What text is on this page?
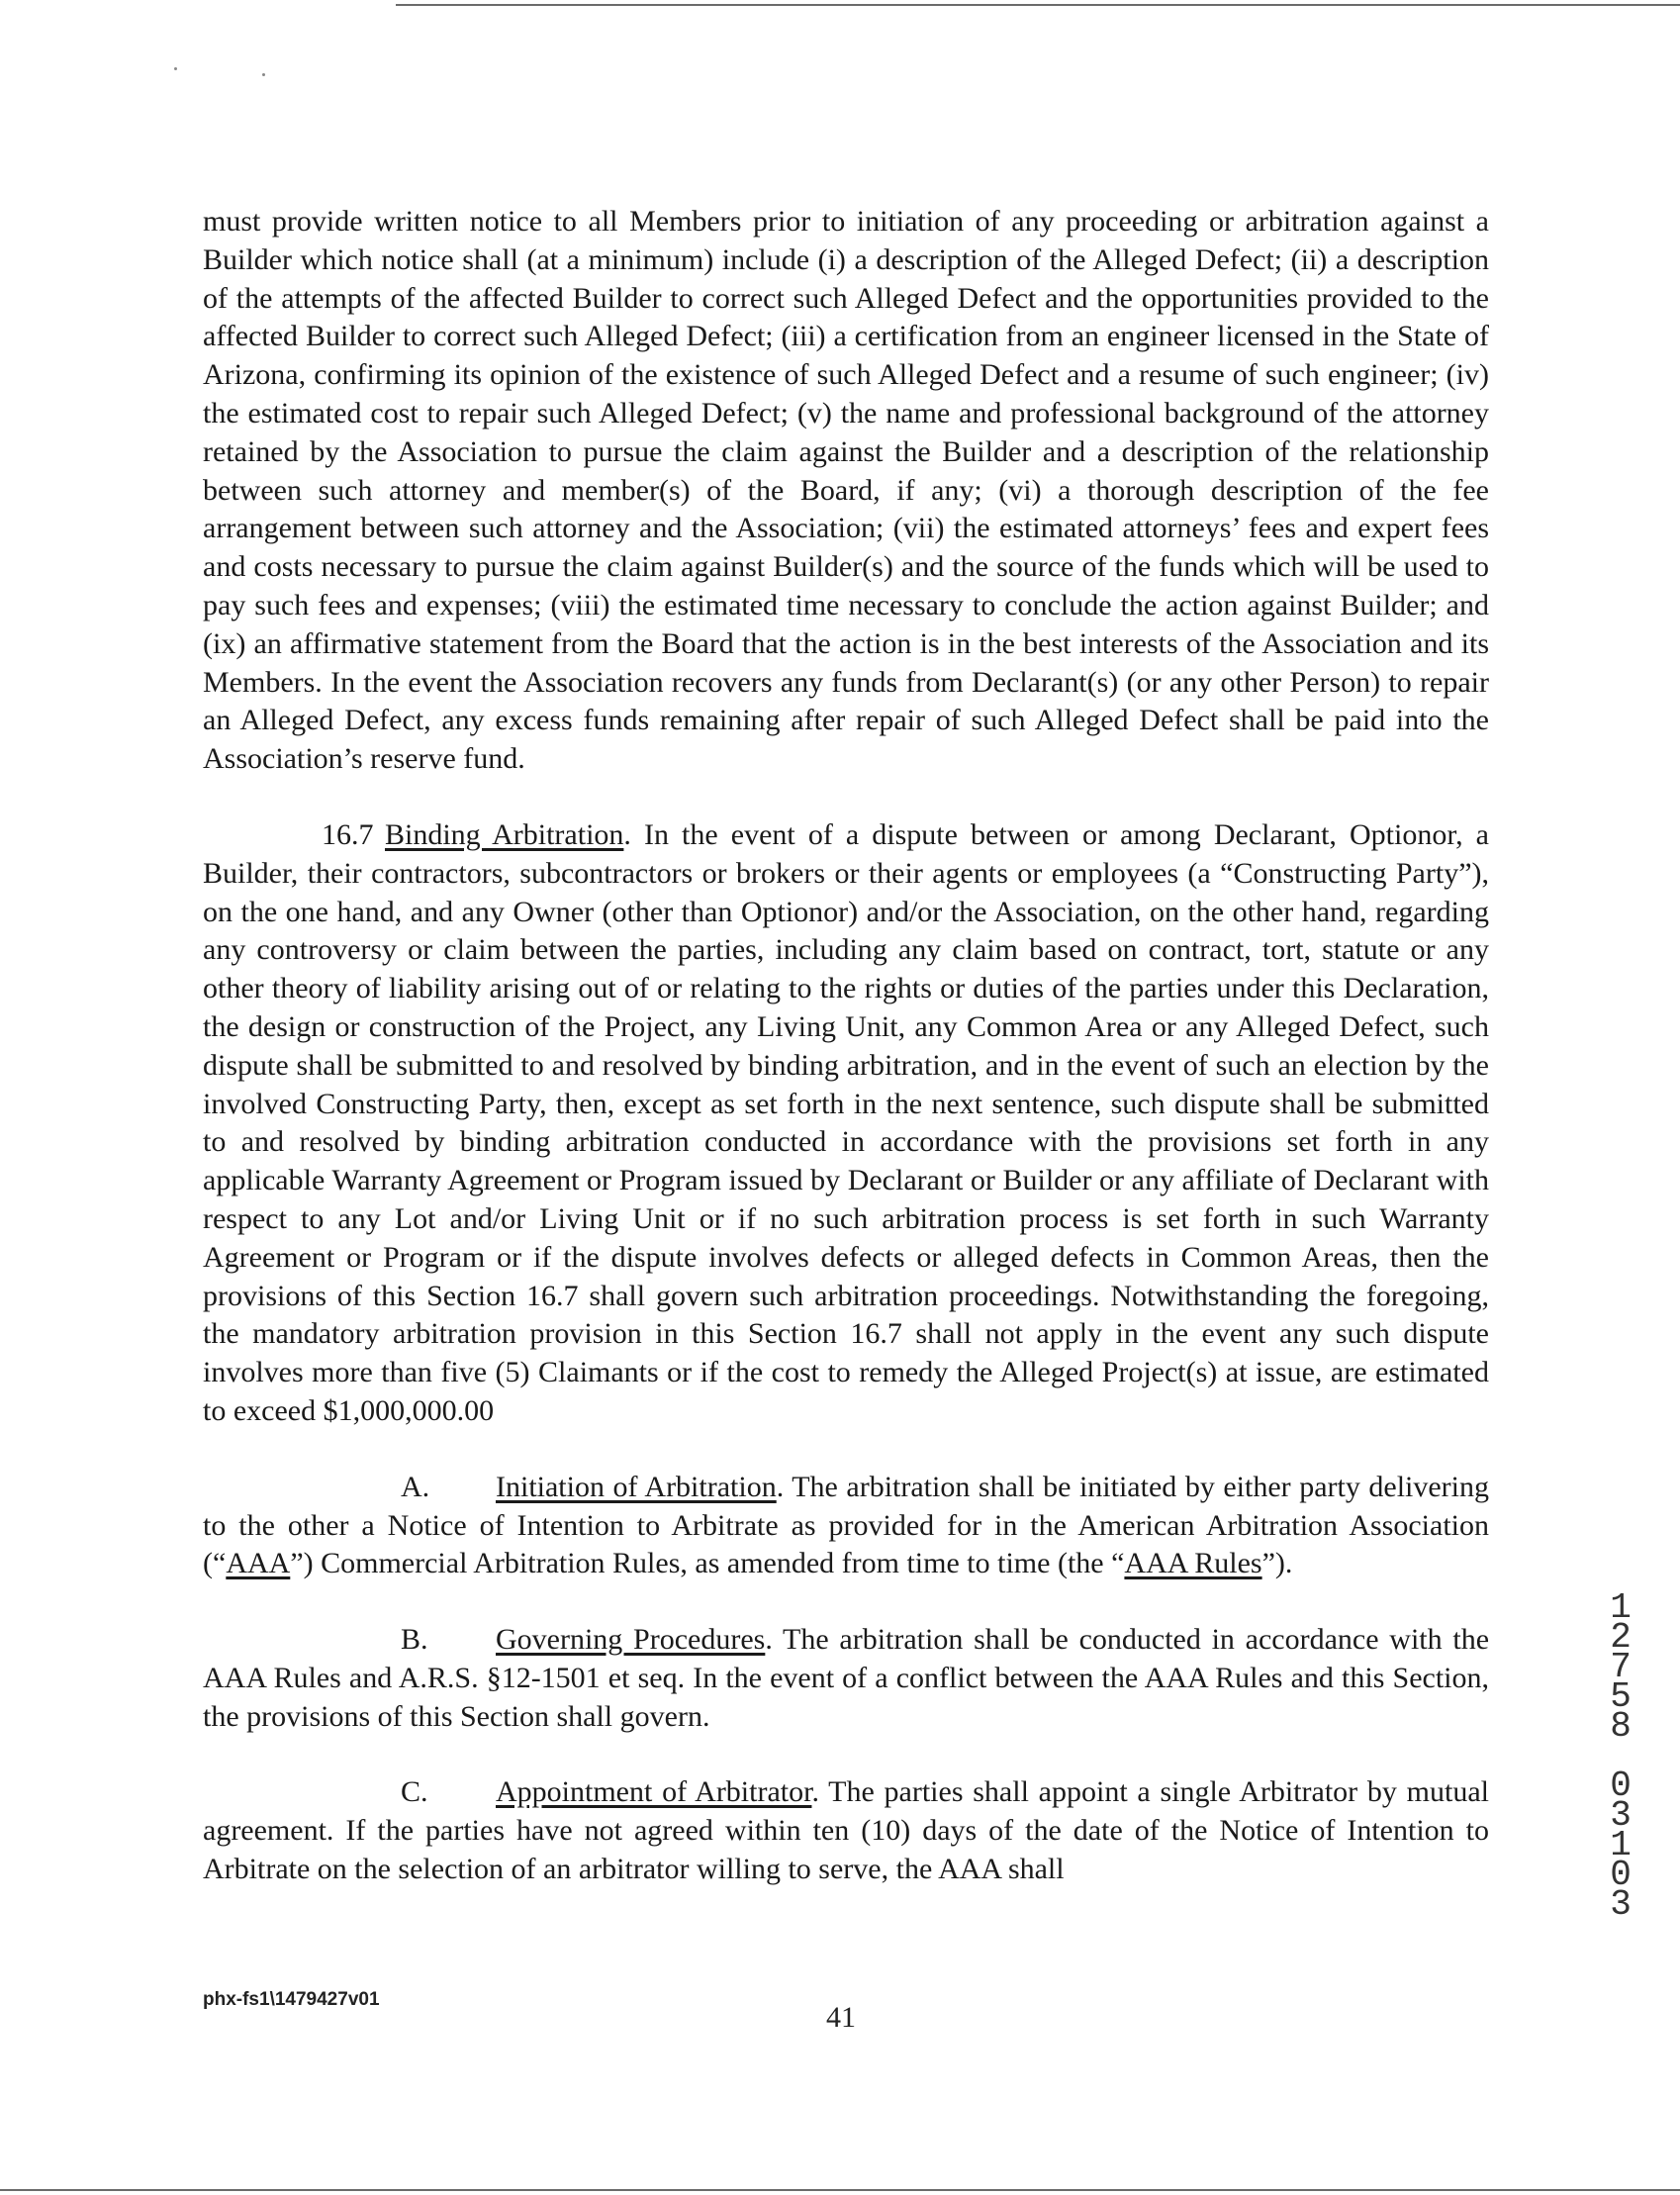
must provide written notice to all Members prior to initiation of any proceeding or arbitration against a Builder which notice shall (at a minimum) include (i) a description of the Alleged Defect; (ii) a description of the attempts of the affected Builder to correct such Alleged Defect and the opportunities provided to the affected Builder to correct such Alleged Defect; (iii) a certification from an engineer licensed in the State of Arizona, confirming its opinion of the existence of such Alleged Defect and a resume of such engineer; (iv) the estimated cost to repair such Alleged Defect; (v) the name and professional background of the attorney retained by the Association to pursue the claim against the Builder and a description of the relationship between such attorney and member(s) of the Board, if any; (vi) a thorough description of the fee arrangement between such attorney and the Association; (vii) the estimated attorneys’ fees and expert fees and costs necessary to pursue the claim against Builder(s) and the source of the funds which will be used to pay such fees and expenses; (viii) the estimated time necessary to conclude the action against Builder; and (ix) an affirmative statement from the Board that the action is in the best interests of the Association and its Members. In the event the Association recovers any funds from Declarant(s) (or any other Person) to repair an Alleged Defect, any excess funds remaining after repair of such Alleged Defect shall be paid into the Association’s reserve fund.

16.7 Binding Arbitration. In the event of a dispute between or among Declarant, Optionor, a Builder, their contractors, subcontractors or brokers or their agents or employees (a “Constructing Party”), on the one hand, and any Owner (other than Optionor) and/or the Association, on the other hand, regarding any controversy or claim between the parties, including any claim based on contract, tort, statute or any other theory of liability arising out of or relating to the rights or duties of the parties under this Declaration, the design or construction of the Project, any Living Unit, any Common Area or any Alleged Defect, such dispute shall be submitted to and resolved by binding arbitration, and in the event of such an election by the involved Constructing Party, then, except as set forth in the next sentence, such dispute shall be submitted to and resolved by binding arbitration conducted in accordance with the provisions set forth in any applicable Warranty Agreement or Program issued by Declarant or Builder or any affiliate of Declarant with respect to any Lot and/or Living Unit or if no such arbitration process is set forth in such Warranty Agreement or Program or if the dispute involves defects or alleged defects in Common Areas, then the provisions of this Section 16.7 shall govern such arbitration proceedings. Notwithstanding the foregoing, the mandatory arbitration provision in this Section 16.7 shall not apply in the event any such dispute involves more than five (5) Claimants or if the cost to remedy the Alleged Project(s) at issue, are estimated to exceed $1,000,000.00

A. Initiation of Arbitration. The arbitration shall be initiated by either party delivering to the other a Notice of Intention to Arbitrate as provided for in the American Arbitration Association (“AAA”) Commercial Arbitration Rules, as amended from time to time (the “AAA Rules”).

B. Governing Procedures. The arbitration shall be conducted in accordance with the AAA Rules and A.R.S. §12-1501 et seq. In the event of a conflict between the AAA Rules and this Section, the provisions of this Section shall govern.

C. Appointment of Arbitrator. The parties shall appoint a single Arbitrator by mutual agreement. If the parties have not agreed within ten (10) days of the date of the Notice of Intention to Arbitrate on the selection of an arbitrator willing to serve, the AAA shall

1
2
7
5
8
0
3
1
0
3
phx-fs1\1479427v01
41
